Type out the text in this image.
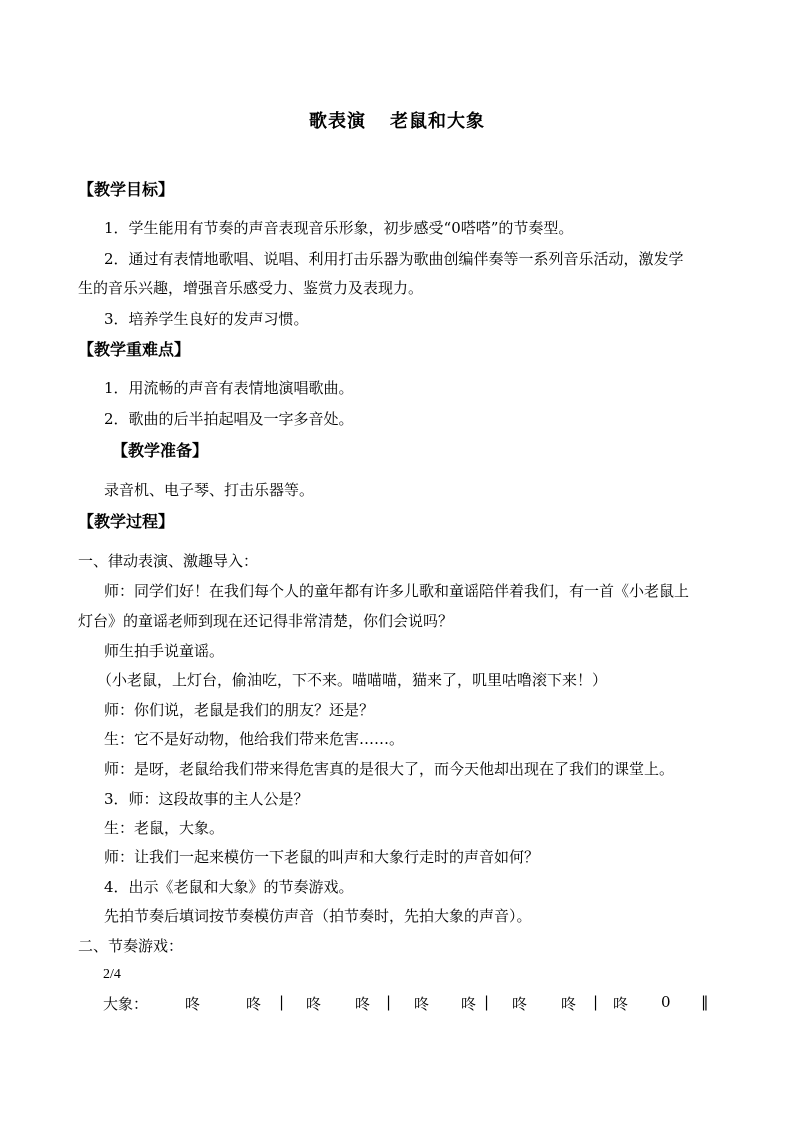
歌表演 老鼠和大象
【教学目标】
1．学生能用有节奏的声音表现音乐形象，初步感受“0嗒嗒”的节奏型。
2．通过有表情地歌唱、说唱、利用打击乐器为歌曲创编伴奏等一系列音乐活动，激发学
生的音乐兴趣，增强音乐感受力、鉴赏力及表现力。
3．培养学生良好的发声习惯。
【教学重难点】
1．用流畅的声音有表情地演唱歌曲。
2．歌曲的后半拍起唱及一字多音处。
【教学准备】
录音机、电子琴、打击乐器等。
【教学过程】
一、律动表演、激趣导入：
师：同学们好！在我们每个人的童年都有许多儿歌和童谣陪伴着我们，有一首《小老鼠上
灯台》的童谣老师到现在还记得非常清楚，你们会说吗？
师生拍手说童谣。
（小老鼠，上灯台，偷油吃，下不来。喵喵喵，猫来了，叽里咕噜滚下来！）
师：你们说，老鼠是我们的朋友？还是？
生：它不是好动物，他给我们带来危害……。
师：是呀，老鼠给我们带来得危害真的是很大了，而今天他却出现在了我们的课堂上。
3．师：这段故事的主人公是？
生：老鼠，大象。
师：让我们一起来模仿一下老鼠的叫声和大象行走时的声音如何？
4．出示《老鼠和大象》的节奏游戏。
先拍节奏后填词按节奏模仿声音（拍节奏时，先拍大象的声音）。
二、节奏游戏：
2/4
大象： 咚	咚 | 咚 咚 | 咚 咚 | 咚 咚 | 咚 0 ‖
